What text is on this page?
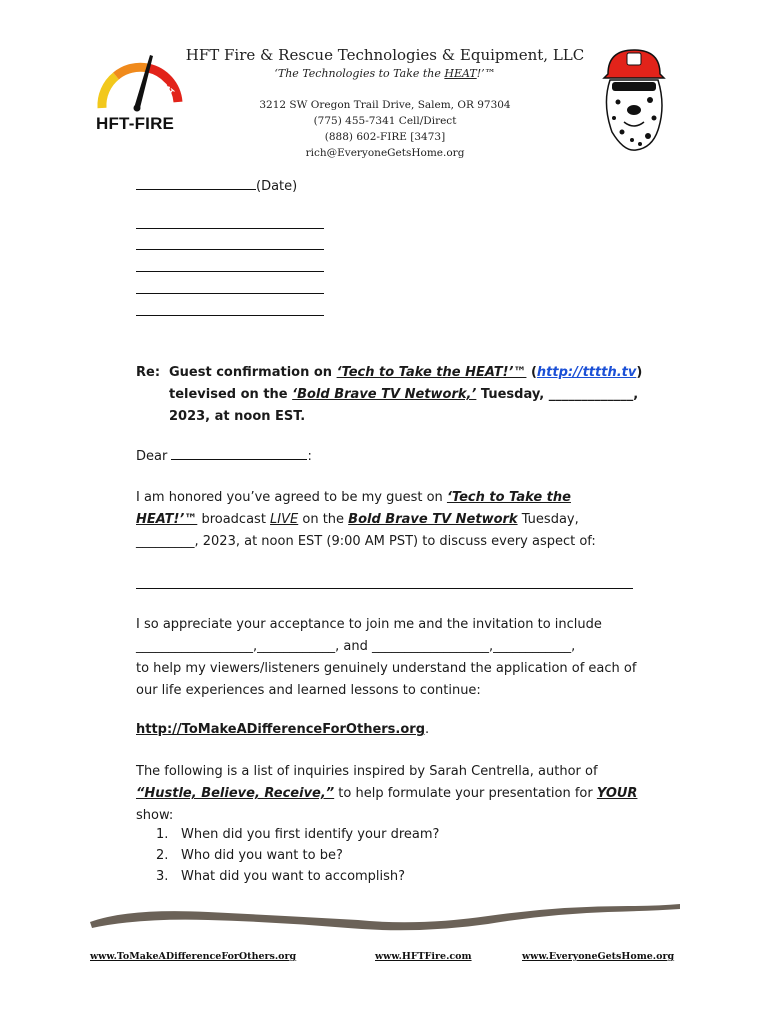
HEAT
HFT-FIRE
HFT Fire & Rescue Technologies & Equipment, LLC
‘The Technologies to Take the HEAT!’™
3212 SW Oregon Trail Drive, Salem, OR 97304
(775) 455-7341 Cell/Direct
(888) 602-FIRE [3473]
rich@EveryoneGetsHome.org
(Date)
Re: Guest confirmation on ‘Tech to Take the HEAT!’™ (http://tttth.tv) televised on the ‘Bold Brave TV Network,’ Tuesday, _____________, 2023, at noon EST.
Dear	:
I am honored you’ve agreed to be my guest on ‘Tech to Take the HEAT!’™ broadcast LIVE on the Bold Brave TV Network Tuesday, _________, 2023, at noon EST (9:00 AM PST) to discuss every aspect of:
I so appreciate your acceptance to join me and the invitation to include
__________________,____________, and __________________,____________,
to help my viewers/listeners genuinely understand the application of each of our life experiences and learned lessons to continue:
http://ToMakeADifferenceForOthers.org.
The following is a list of inquiries inspired by Sarah Centrella, author of “Hustle, Believe, Receive,” to help formulate your presentation for YOUR show:
1. When did you first identify your dream?
2. Who did you want to be?
3. What did you want to accomplish?
www.ToMakeADifferenceForOthers.org	www.HFTFire.com	www.EveryoneGetsHome.org
